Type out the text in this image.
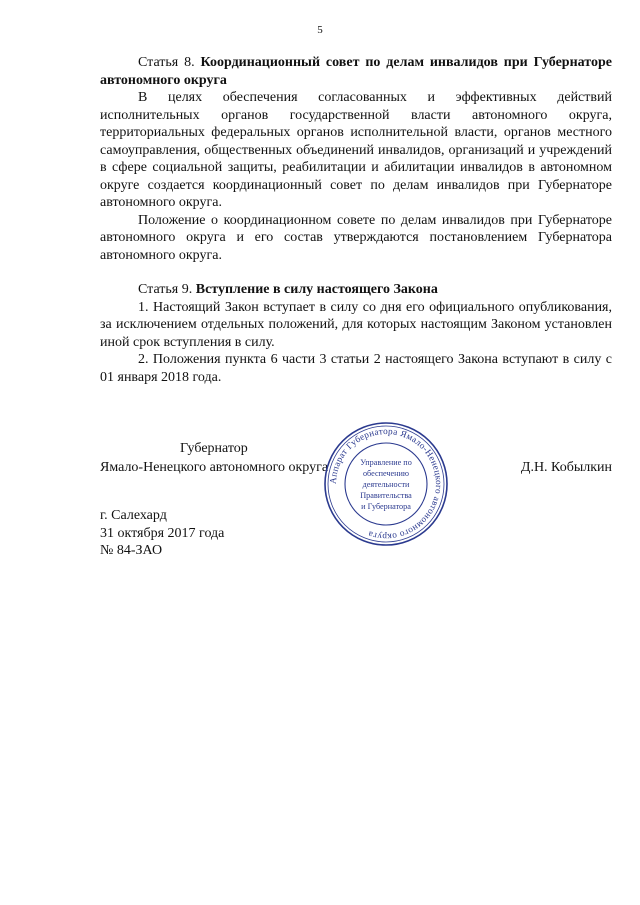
5

Статья 8. Координационный совет по делам инвалидов при Губернаторе автономного округа

В целях обеспечения согласованных и эффективных действий исполнительных органов государственной власти автономного округа, территориальных федеральных органов исполнительной власти, органов местного самоуправления, общественных объединений инвалидов, организаций и учреждений в сфере социальной защиты, реабилитации и абилитации инвалидов в автономном округе создается координационный совет по делам инвалидов при Губернаторе автономного округа.

Положение о координационном совете по делам инвалидов при Губернаторе автономного округа и его состав утверждаются постановлением Губернатора автономного округа.

Статья 9. Вступление в силу настоящего Закона

1. Настоящий Закон вступает в силу со дня его официального опубликования, за исключением отдельных положений, для которых настоящим Законом установлен иной срок вступления в силу.

2. Положения пункта 6 части 3 статьи 2 настоящего Закона вступают в силу с 01 января 2018 года.

Губернатор
Ямало-Ненецкого автономного округа	Д.Н. Кобылкин
Аппарат Губернатора Ямало-Ненецкого автономного округа
Управление по
обеспечению
деятельности
Правительства
и Губернатора
г. Салехард
31 октября 2017 года
№ 84-ЗАО
